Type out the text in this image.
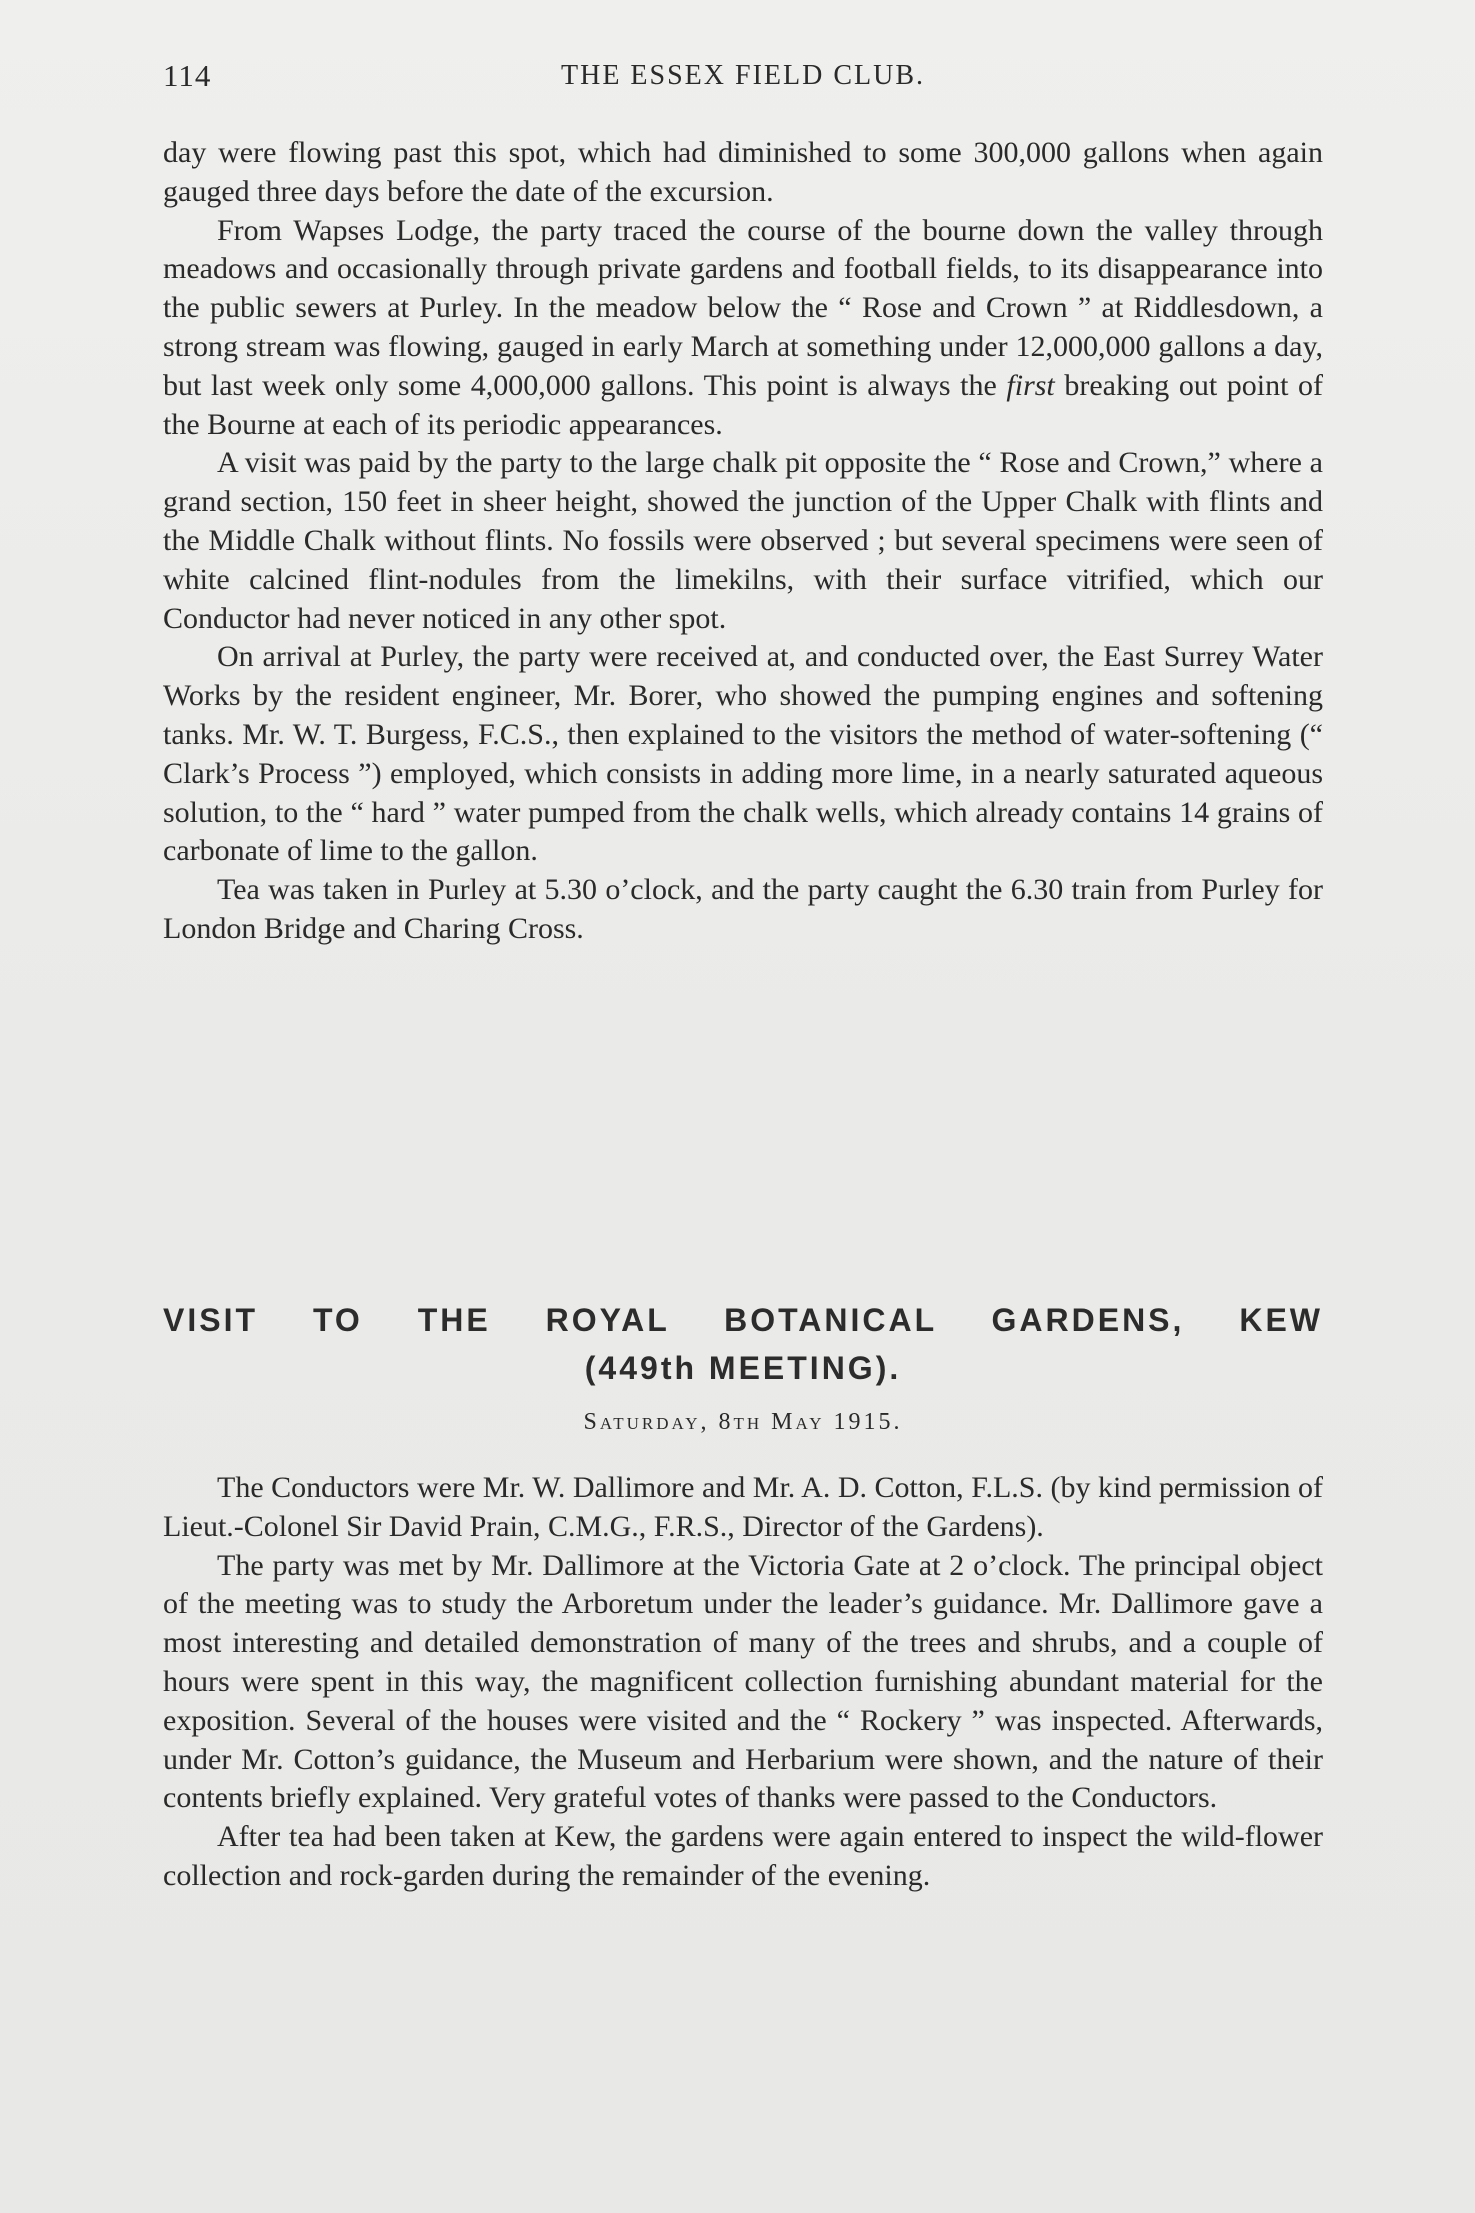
114	THE ESSEX FIELD CLUB.

day were flowing past this spot, which had diminished to some 300,000 gallons when again gauged three days before the date of the excursion.

From Wapses Lodge, the party traced the course of the bourne down the valley through meadows and occasionally through private gardens and football fields, to its disappearance into the public sewers at Purley. In the meadow below the “ Rose and Crown ” at Riddlesdown, a strong stream was flowing, gauged in early March at something under 12,000,000 gallons a day, but last week only some 4,000,000 gallons. This point is always the first breaking out point of the Bourne at each of its periodic appearances.

A visit was paid by the party to the large chalk pit opposite the “ Rose and Crown,” where a grand section, 150 feet in sheer height, showed the junction of the Upper Chalk with flints and the Middle Chalk without flints. No fossils were observed ; but several specimens were seen of white calcined flint-nodules from the limekilns, with their surface vitrified, which our Conductor had never noticed in any other spot.

On arrival at Purley, the party were received at, and conducted over, the East Surrey Water Works by the resident engineer, Mr. Borer, who showed the pumping engines and softening tanks. Mr. W. T. Burgess, F.C.S., then explained to the visitors the method of water-softening (“ Clark’s Process ”) employed, which consists in adding more lime, in a nearly saturated aqueous solution, to the “ hard ” water pumped from the chalk wells, which already contains 14 grains of carbonate of lime to the gallon.

Tea was taken in Purley at 5.30 o’clock, and the party caught the 6.30 train from Purley for London Bridge and Charing Cross.

VISIT TO THE ROYAL BOTANICAL GARDENS, KEW
(449th MEETING).
Saturday, 8th May 1915.

The Conductors were Mr. W. Dallimore and Mr. A. D. Cotton, F.L.S. (by kind permission of Lieut.-Colonel Sir David Prain, C.M.G., F.R.S., Director of the Gardens).

The party was met by Mr. Dallimore at the Victoria Gate at 2 o’clock. The principal object of the meeting was to study the Arboretum under the leader’s guidance. Mr. Dallimore gave a most interesting and detailed demonstration of many of the trees and shrubs, and a couple of hours were spent in this way, the magnificent collection furnishing abundant material for the exposition. Several of the houses were visited and the “ Rockery ” was inspected. Afterwards, under Mr. Cotton’s guidance, the Museum and Herbarium were shown, and the nature of their contents briefly explained. Very grateful votes of thanks were passed to the Conductors.

After tea had been taken at Kew, the gardens were again entered to inspect the wild-flower collection and rock-garden during the remainder of the evening.
